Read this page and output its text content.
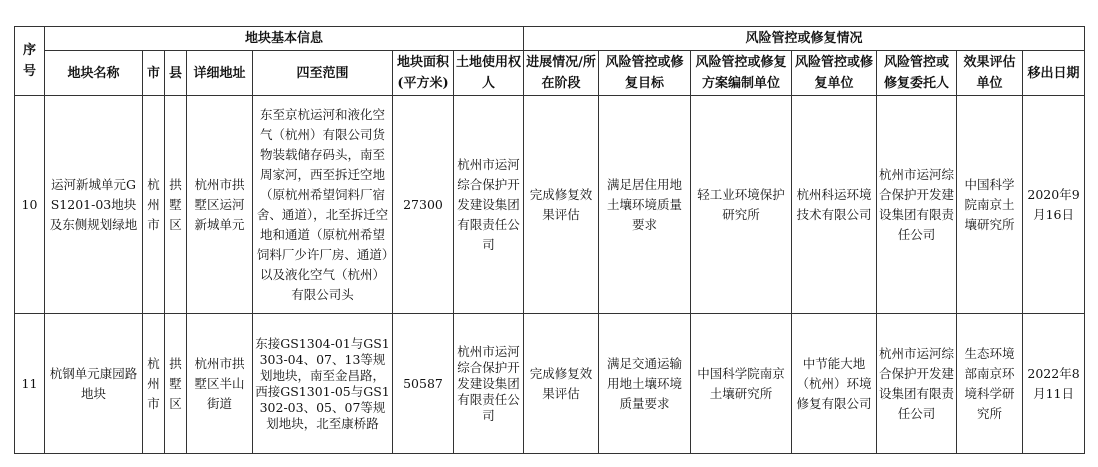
序号	地块基本信息							风险管控或修复情况						
	地块名称	市	县	详细地址	四至范围	地块面积(平方米)	土地使用权人	进展情况/所在阶段	风险管控或修复目标	风险管控或修复方案编制单位	风险管控或修复单位	风险管控或修复委托人	效果评估单位	移出日期
10	运河新城单元GS1201-03地块及东侧规划绿地	杭州市	拱墅区	杭州市拱墅区运河新城单元	东至京杭运河和液化空气（杭州）有限公司货物装载储存码头，南至周家河，西至拆迁空地（原杭州希望饲料厂宿舍、通道），北至拆迁空地和通道（原杭州希望饲料厂少许厂房、通道）以及液化空气（杭州）有限公司头	27300	杭州市运河综合保护开发建设集团有限责任公司	完成修复效果评估	满足居住用地土壤环境质量要求	轻工业环境保护研究所	杭州科运环境技术有限公司	杭州市运河综合保护开发建设集团有限责任公司	中国科学院南京土壤研究所	2020年9月16日
11	杭钢单元康园路地块	杭州市	拱墅区	杭州市拱墅区半山街道	东接GS1304-01与GS1303-04、07、13等规划地块，南至金昌路，西接GS1301-05与GS1302-03、05、07等规划地块，北至康桥路	50587	杭州市运河综合保护开发建设集团有限责任公司	完成修复效果评估	满足交通运输用地土壤环境质量要求	中国科学院南京土壤研究所	中节能大地（杭州）环境修复有限公司	杭州市运河综合保护开发建设集团有限责任公司	生态环境部南京环境科学研究所	2022年8月11日
